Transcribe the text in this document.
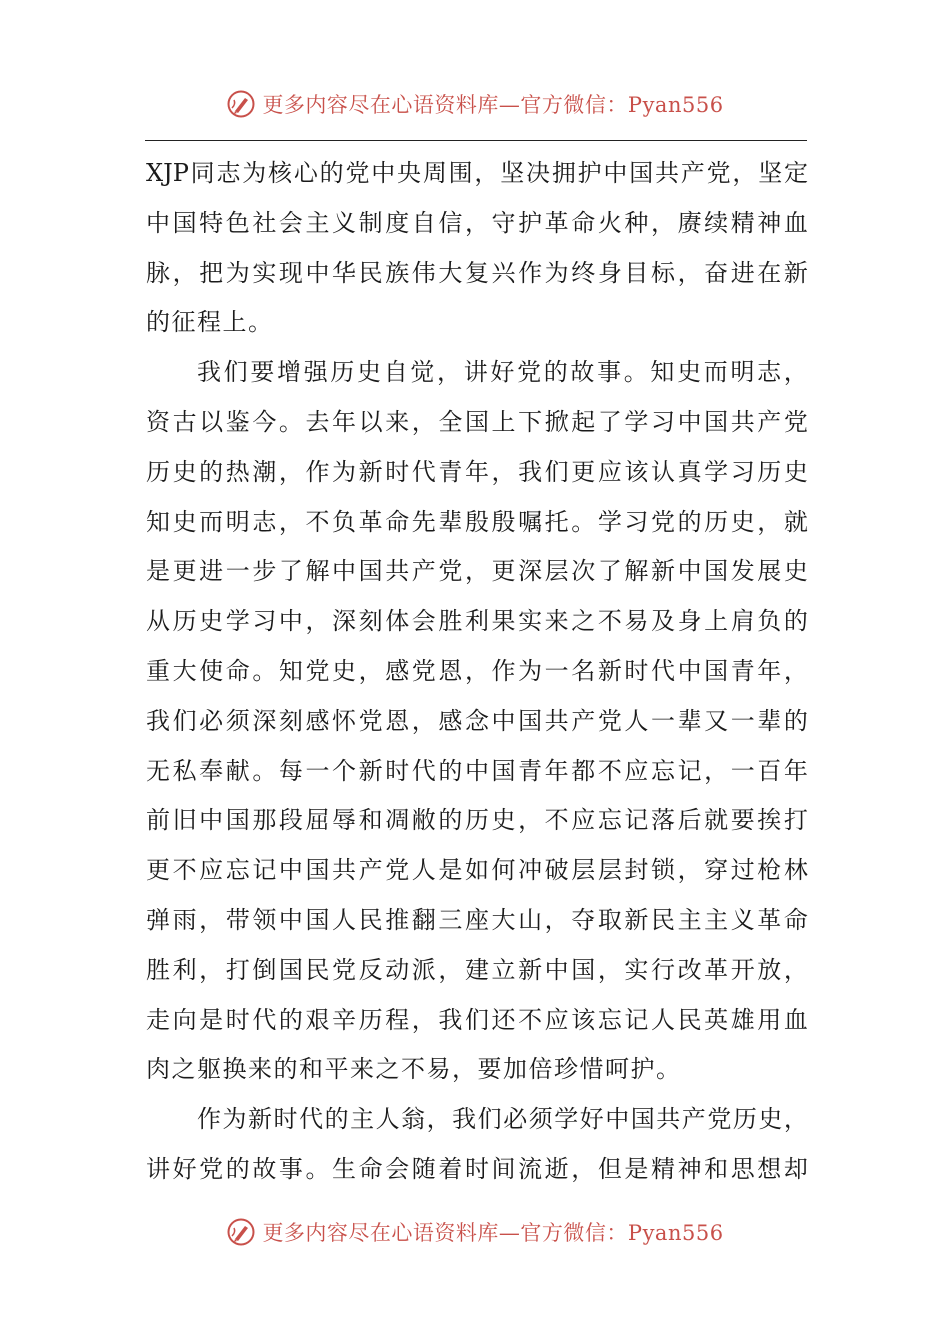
更多内容尽在心语资料库—官方微信：Pyan556
XJP 同 志 为 核 心 的 党 中 央 周 围 ， 坚 决 拥 护 中 国 共 产 党 ， 坚 定
中 国 特 色 社 会 主 义 制 度 自 信 ， 守 护 革 命 火 种 ， 赓 续 精 神 血
脉 ， 把 为 实 现 中 华 民 族 伟 大 复 兴 作 为 终 身 目 标 ， 奋 进 在 新
的征程上。
我 们 要 增 强 历 史 自 觉 ， 讲 好 党 的 故 事 。 知 史 而 明 志 ，
资 古 以 鉴 今 。 去 年 以 来 ， 全 国 上 下 掀 起 了 学 习 中 国 共 产 党
历 史 的 热 潮 ， 作 为 新 时 代 青 年 ， 我 们 更 应 该 认 真 学 习 历 史
知 史 而 明 志 ， 不 负 革 命 先 辈 殷 殷 嘱 托 。 学 习 党 的 历 史 ， 就
是 更 进 一 步 了 解 中 国 共 产 党 ， 更 深 层 次 了 解 新 中 国 发 展 史
从 历 史 学 习 中 ， 深 刻 体 会 胜 利 果 实 来 之 不 易 及 身 上 肩 负 的
重 大 使 命 。 知 党 史 ， 感 党 恩 ， 作 为 一 名 新 时 代 中 国 青 年 ，
我 们 必 须 深 刻 感 怀 党 恩 ， 感 念 中 国 共 产 党 人 一 辈 又 一 辈 的
无 私 奉 献 。 每 一 个 新 时 代 的 中 国 青 年 都 不 应 忘 记 ， 一 百 年
前 旧 中 国 那 段 屈 辱 和 凋 敝 的 历 史 ， 不 应 忘 记 落 后 就 要 挨 打
更 不 应 忘 记 中 国 共 产 党 人 是 如 何 冲 破 层 层 封 锁 ， 穿 过 枪 林
弹 雨 ， 带 领 中 国 人 民 推 翻 三 座 大 山 ， 夺 取 新 民 主 主 义 革 命
胜 利 ， 打 倒 国 民 党 反 动 派 ， 建 立 新 中 国 ， 实 行 改 革 开 放 ，
走 向 是 时 代 的 艰 辛 历 程 ， 我 们 还 不 应 该 忘 记 人 民 英 雄 用 血
肉之躯换来的和平来之不易，要加倍珍惜呵护。
作 为 新 时 代 的 主 人 翁 ， 我 们 必 须 学 好 中 国 共 产 党 历 史 ，
讲 好 党 的 故 事 。 生 命 会 随 着 时 间 流 逝 ， 但 是 精 神 和 思 想 却
更多内容尽在心语资料库—官方微信：Pyan556
